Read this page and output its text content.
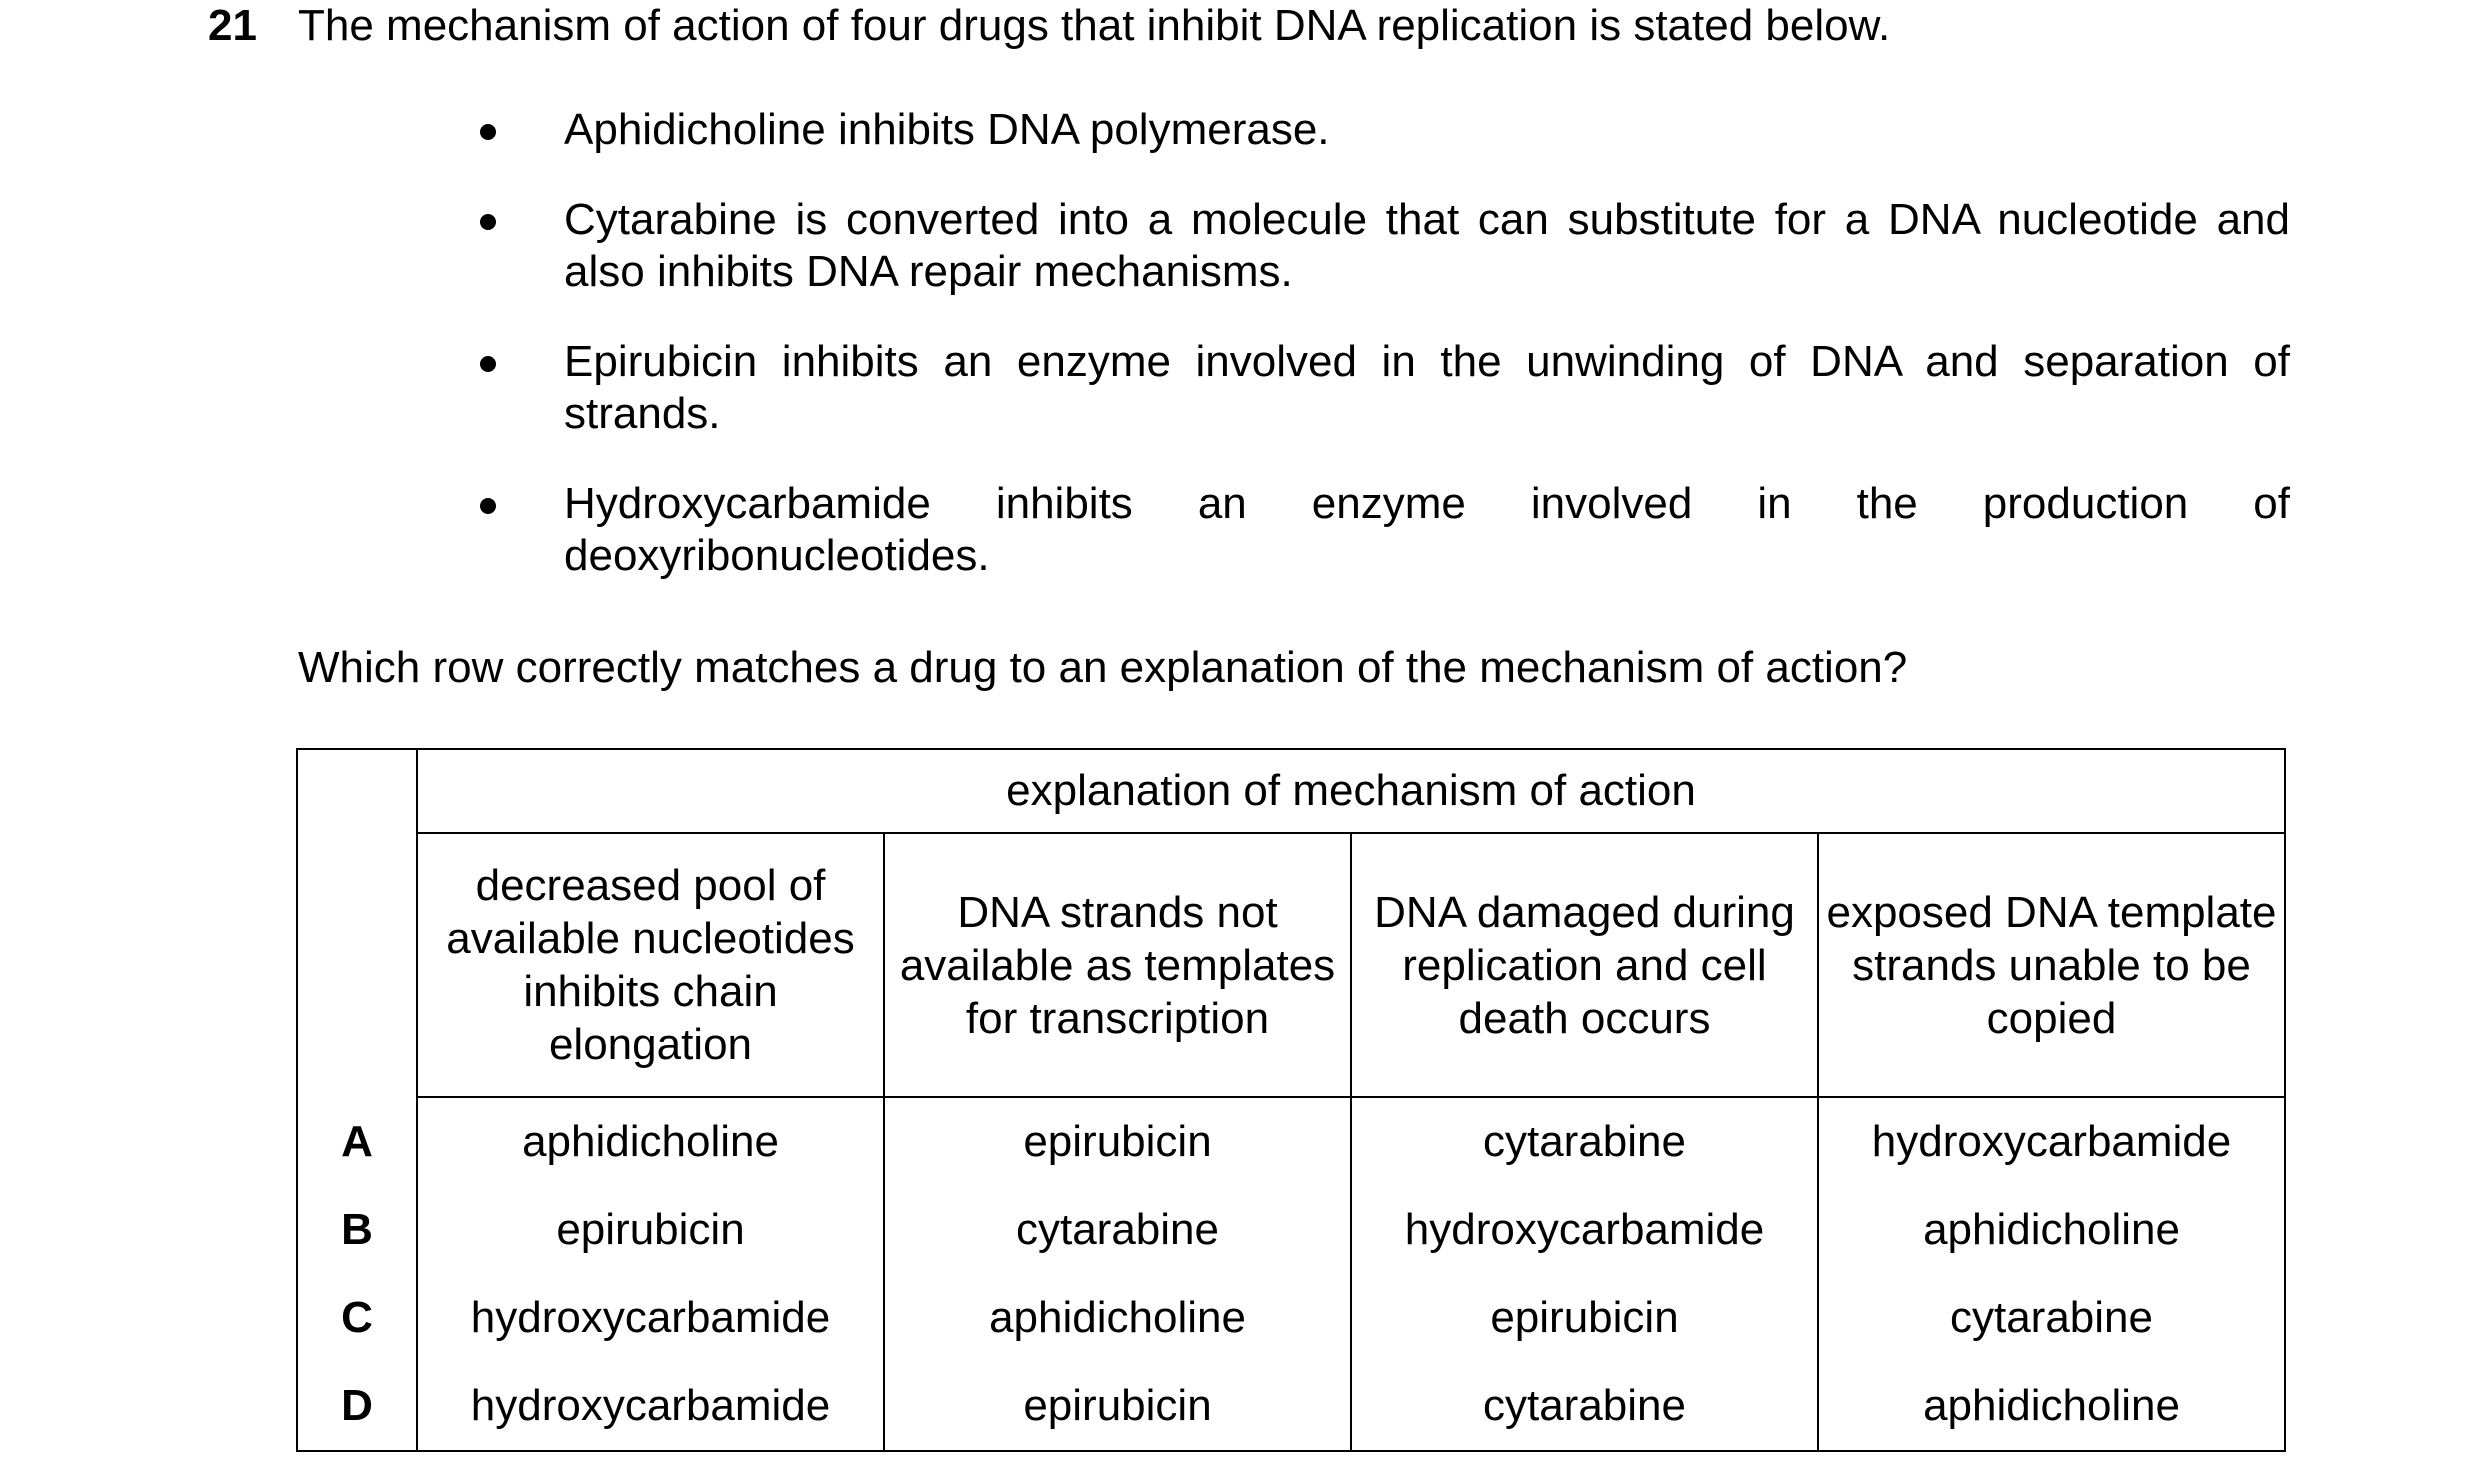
21 The mechanism of action of four drugs that inhibit DNA replication is stated below.
Aphidicholine inhibits DNA polymerase.
Cytarabine is converted into a molecule that can substitute for a DNA nucleotide and also inhibits DNA repair mechanisms.
Epirubicin inhibits an enzyme involved in the unwinding of DNA and separation of strands.
Hydroxycarbamide inhibits an enzyme involved in the production of deoxyribonucleotides.
Which row correctly matches a drug to an explanation of the mechanism of action?
	explanation of mechanism of action			
	decreased pool of available nucleotides inhibits chain elongation	DNA strands not available as templates for transcription	DNA damaged during replication and cell death occurs	exposed DNA template strands unable to be copied
A	aphidicholine	epirubicin	cytarabine	hydroxycarbamide
B	epirubicin	cytarabine	hydroxycarbamide	aphidicholine
C	hydroxycarbamide	aphidicholine	epirubicin	cytarabine
D	hydroxycarbamide	epirubicin	cytarabine	aphidicholine
